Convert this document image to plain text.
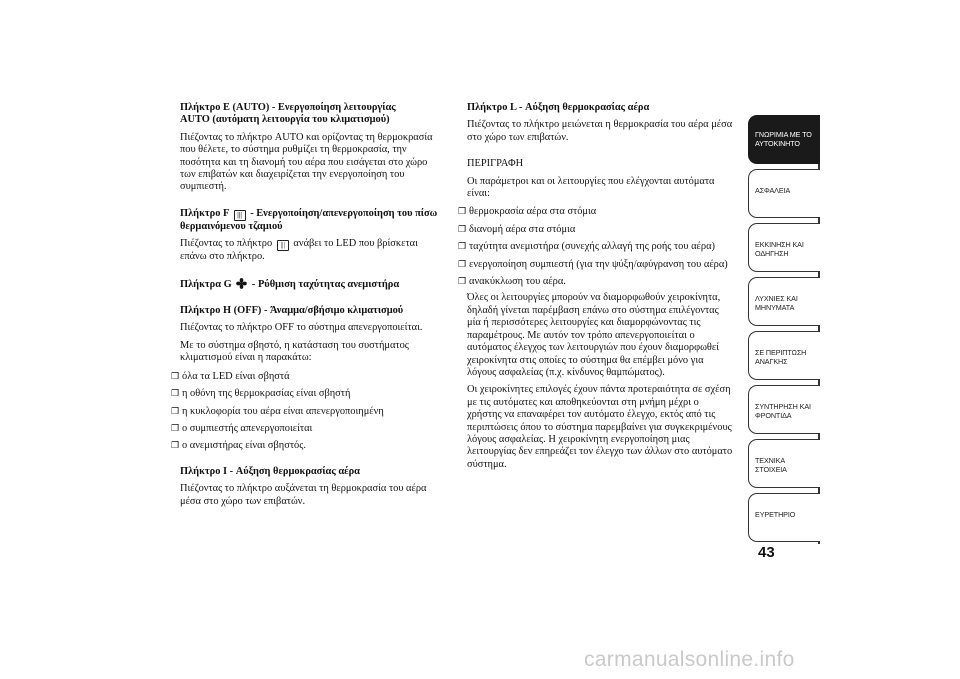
Πλήκτρο E (AUTO) - Ενεργοποίηση λειτουργίας
AUTO (αυτόματη λειτουργία του κλιματισμού)

Πιέζοντας το πλήκτρο AUTO και ορίζοντας τη θερμοκρασία που θέλετε, το σύστημα ρυθμίζει τη θερμοκρασία, την ποσότητα και τη διανομή του αέρα που εισάγεται στο χώρο των επιβατών και διαχειρίζεται την ενεργοποίηση του συμπιεστή.

Πλήκτρο F ||| - Ενεργοποίηση/απενεργοποίηση του πίσω θερμαινόμενου τζαμιού

Πιέζοντας το πλήκτρο ||| ανάβει το LED που βρίσκεται επάνω στο πλήκτρο.

Πλήκτρα G - Ρύθμιση ταχύτητας ανεμιστήρα

Πλήκτρο H (OFF) - Άναμμα/σβήσιμο κλιματισμού

Πιέζοντας το πλήκτρο OFF το σύστημα απενεργοποιείται.

Με το σύστημα σβηστό, η κατάσταση του συστήματος κλιματισμού είναι η παρακάτω:

❒ όλα τα LED είναι σβηστά

❒ η οθόνη της θερμοκρασίας είναι σβηστή

❒ η κυκλοφορία του αέρα είναι απενεργοποιημένη

❒ ο συμπιεστής απενεργοποιείται

❒ ο ανεμιστήρας είναι σβηστός.

Πλήκτρο I - Αύξηση θερμοκρασίας αέρα

Πιέζοντας το πλήκτρο αυξάνεται τη θερμοκρασία του αέρα μέσα στο χώρο των επιβατών.

Πλήκτρο L - Αύξηση θερμοκρασίας αέρα

Πιέζοντας το πλήκτρο μειώνεται η θερμοκρασία του αέρα μέσα στο χώρο των επιβατών.

ΠΕΡΙΓΡΑΦΗ

Οι παράμετροι και οι λειτουργίες που ελέγχονται αυτόματα είναι:

❒ θερμοκρασία αέρα στα στόμια

❒ διανομή αέρα στα στόμια

❒ ταχύτητα ανεμιστήρα (συνεχής αλλαγή της ροής του αέρα)

❒ ενεργοποίηση συμπιεστή (για την ψύξη/αφύγρανση του αέρα)

❒ ανακύκλωση του αέρα.

Όλες οι λειτουργίες μπορούν να διαμορφωθούν χειροκίνητα, δηλαδή γίνεται παρέμβαση επάνω στο σύστημα επιλέγοντας μία ή περισσότερες λειτουργίες και διαμορφώνοντας τις παραμέτρους. Με αυτόν τον τρόπο απενεργοποιείται ο αυτόματος έλεγχος των λειτουργιών που έχουν διαμορφωθεί χειροκίνητα στις οποίες το σύστημα θα επέμβει μόνο για λόγους ασφαλείας (π.χ. κίνδυνος θαμπώματος).

Οι χειροκίνητες επιλογές έχουν πάντα προτεραιότητα σε σχέση με τις αυτόματες και αποθηκεύονται στη μνήμη μέχρι ο χρήστης να επαναφέρει τον αυτόματο έλεγχο, εκτός από τις περιπτώσεις όπου το σύστημα παρεμβαίνει για συγκεκριμένους λόγους ασφαλείας. Η χειροκίνητη ενεργοποίηση μιας λειτουργίας δεν επηρεάζει τον έλεγχο των άλλων στο αυτόματο σύστημα.

ΓΝΩΡΙΜΙΑ ΜΕ ΤΟ ΑΥΤΟΚΙΝΗΤΟ
ΑΣΦΑΛΕΙΑ
ΕΚΚΙΝΗΣΗ ΚΑΙ ΟΔΗΓΗΣΗ
ΛΥΧΝΙΕΣ ΚΑΙ ΜΗΝΥΜΑΤΑ
ΣΕ ΠΕΡΙΠΤΩΣΗ ΑΝΑΓΚΗΣ
ΣΥΝΤΗΡΗΣΗ ΚΑΙ ΦΡΟΝΤΙΔΑ
ΤΕΧΝΙΚΑ ΣΤΟΙΧΕΙΑ
ΕΥΡΕΤΗΡΙΟ
43
carmanualsonline.info
